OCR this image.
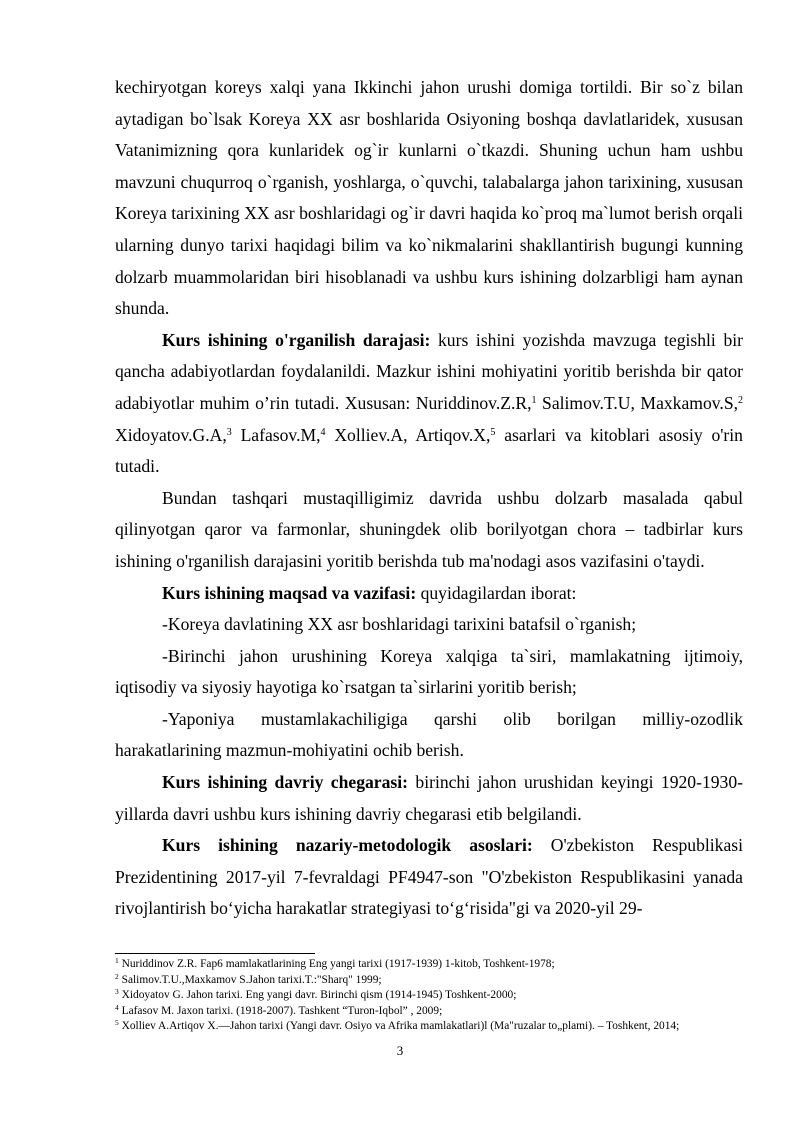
kechiryotgan koreys xalqi yana Ikkinchi jahon urushi domiga tortildi. Bir so`z bilan aytadigan bo`lsak Koreya XX asr boshlarida Osiyoning boshqa davlatlaridek, xususan Vatanimizning qora kunlaridek og`ir kunlarni o`tkazdi. Shuning uchun ham ushbu mavzuni chuqurroq o`rganish, yoshlarga, o`quvchi, talabalarga jahon tarixining, xususan Koreya tarixining XX asr boshlaridagi og`ir davri haqida ko`proq ma`lumot berish orqali ularning dunyo tarixi haqidagi bilim va ko`nikmalarini shakllantirish bugungi kunning dolzarb muammolaridan biri hisoblanadi va ushbu kurs ishining dolzarbligi ham aynan shunda.

Kurs ishining o'rganilish darajasi: kurs ishini yozishda mavzuga tegishli bir qancha adabiyotlardan foydalanildi. Mazkur ishini mohiyatini yoritib berishda bir qator adabiyotlar muhim o’rin tutadi. Xususan: Nuriddinov.Z.R,$^1$ Salimov.T.U, Maxkamov.S,$^2$ Xidoyatov.G.A,$^3$ Lafasov.M,$^4$ Xolliev.A, Artiqov.X,$^5$ asarlari va kitoblari asosiy o'rin tutadi.

Bundan tashqari mustaqilligimiz davrida ushbu dolzarb masalada qabul qilinyotgan qaror va farmonlar, shuningdek olib borilyotgan chora – tadbirlar kurs ishining o'rganilish darajasini yoritib berishda tub ma'nodagi asos vazifasini o'taydi.

Kurs ishining maqsad va vazifasi: quyidagilardan iborat:

-Koreya davlatining XX asr boshlaridagi tarixini batafsil o`rganish;

-Birinchi jahon urushining Koreya xalqiga ta`siri, mamlakatning ijtimoiy, iqtisodiy va siyosiy hayotiga ko`rsatgan ta`sirlarini yoritib berish;

-Yaponiya mustamlakachiligiga qarshi olib borilgan milliy-ozodlik harakatlarining mazmun-mohiyatini ochib berish.

Kurs ishining davriy chegarasi: birinchi jahon urushidan keyingi 1920-1930-yillarda davri ushbu kurs ishining davriy chegarasi etib belgilandi.

Kurs ishining nazariy-metodologik asoslari: O'zbekiston Respublikasi Prezidentining 2017-yil 7-fevraldagi PF4947-son "O'zbekiston Respublikasini yanada rivojlantirish bo‘yicha harakatlar strategiyasi to‘g‘risida"gi va 2020-yil 29-

$^1$ Nuriddinov Z.R. Fap6 mamlakatlarining Eng yangi tarixi (1917-1939) 1-kitob, Toshkent-1978;

$^2$ Salimov.T.U.,Maxkamov S.Jahon tarixi.T.:"Sharq" 1999;

$^3$ Xidoyatov G. Jahon tarixi. Eng yangi davr. Birinchi qism (1914-1945) Toshkent-2000;

$^4$ Lafasov M. Jaxon tarixi. (1918-2007). Tashkent “Turon-Iqbol” , 2009;

$^5$ Xolliev A.Artiqov X.—Jahon tarixi (Yangi davr. Osiyo va Afrika mamlakatlari)l (Ma"ruzalar to„plami). – Toshkent, 2014;

3
